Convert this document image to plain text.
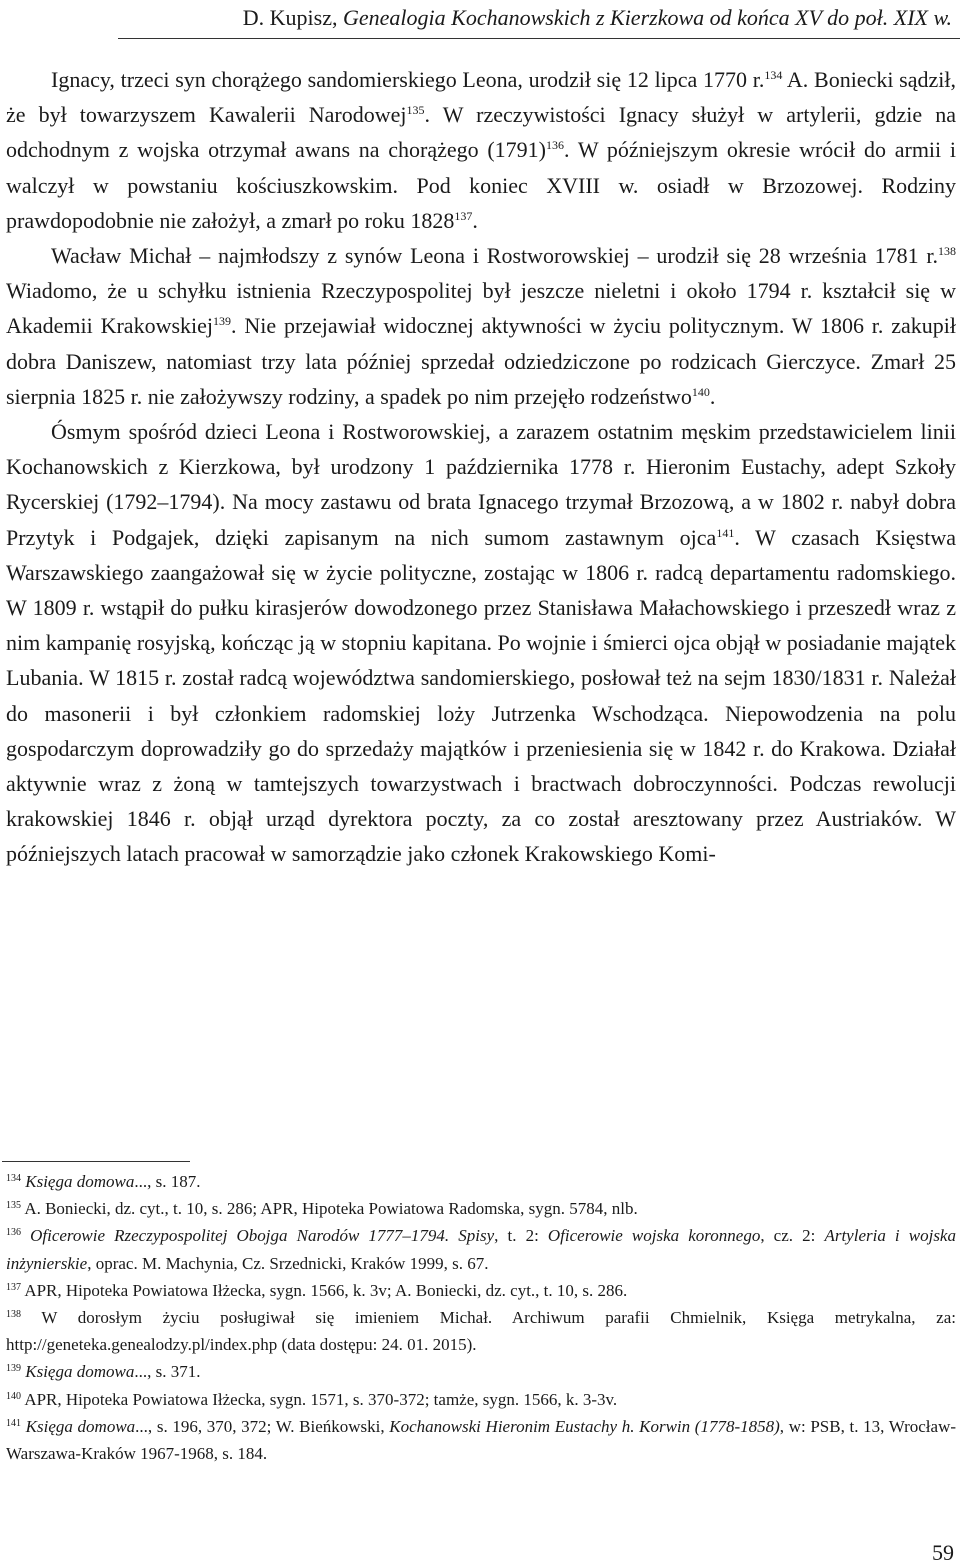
D. Kupisz, Genealogia Kochanowskich z Kierzkowa od końca XV do poł. XIX w.

Ignacy, trzeci syn chorążego sandomierskiego Leona, urodził się 12 lipca 1770 r.$^{134}$ A. Boniecki sądził, że był towarzyszem Kawalerii Narodowej$^{135}$. W rzeczywistości Ignacy służył w artylerii, gdzie na odchodnym z wojska otrzymał awans na chorążego $(1791)^{136}$. W późniejszym okresie wrócił do armii i walczył w powstaniu kościuszkowskim. Pod koniec XVIII w. osiadł w Brzozowej. Rodziny prawdopodobnie nie założył, a zmarł po roku 1828$^{137}$.

Wacław Michał – najmłodszy z synów Leona i Rostworowskiej – urodził się 28 września 1781 r.$^{138}$ Wiadomo, że u schyłku istnienia Rzeczypospolitej był jeszcze nieletni i około 1794 r. kształcił się w Akademii Krakowskiej$^{139}$. Nie przejawiał widocznej aktywności w życiu politycznym. W 1806 r. zakupił dobra Daniszew, natomiast trzy lata później sprzedał odziedziczone po rodzicach Gierczyce. Zmarł 25 sierpnia 1825 r. nie założywszy rodziny, a spadek po nim przejęło rodzeństwo$^{140}$.

Ósmym spośród dzieci Leona i Rostworowskiej, a zarazem ostatnim męskim przedstawicielem linii Kochanowskich z Kierzkowa, był urodzony 1 października 1778 r. Hieronim Eustachy, adept Szkoły Rycerskiej (1792–1794). Na mocy zastawu od brata Ignacego trzymał Brzozową, a w 1802 r. nabył dobra Przytyk i Podgajek, dzięki zapisanym na nich sumom zastawnym ojca$^{141}$. W czasach Księstwa Warszawskiego zaangażował się w życie polityczne, zostając w 1806 r. radcą departamentu radomskiego. W 1809 r. wstąpił do pułku kirasjerów dowodzonego przez Stanisława Małachowskiego i przeszedł wraz z nim kampanię rosyjską, kończąc ją w stopniu kapitana. Po wojnie i śmierci ojca objął w posiadanie majątek Lubania. W 1815 r. został radcą województwa sandomierskiego, posłował też na sejm 1830/1831 r. Należał do masonerii i był członkiem radomskiej loży Jutrzenka Wschodząca. Niepowodzenia na polu gospodarczym doprowadziły go do sprzedaży majątków i przeniesienia się w 1842 r. do Krakowa. Działał aktywnie wraz z żoną w tamtejszych towarzystwach i bractwach dobroczynności. Podczas rewolucji krakowskiej 1846 r. objął urząd dyrektora poczty, za co został aresztowany przez Austriaków. W późniejszych latach pracował w samorządzie jako członek Krakowskiego Komi-

$^{134}$ Księga domowa..., s. 187.

$^{135}$ A. Boniecki, dz. cyt., t. 10, s. 286; APR, Hipoteka Powiatowa Radomska, sygn. 5784, nlb.

$^{136}$ Oficerowie Rzeczypospolitej Obojga Narodów 1777–1794. Spisy, t. 2: Oficerowie wojska koronnego, cz. 2: Artyleria i wojska inżynierskie, oprac. M. Machynia, Cz. Srzednicki, Kraków 1999, s. 67.

$^{137}$ APR, Hipoteka Powiatowa Iłżecka, sygn. 1566, k. 3v; A. Boniecki, dz. cyt., t. 10, s. 286.

$^{138}$ W dorosłym życiu posługiwał się imieniem Michał. Archiwum parafii Chmielnik, Księga metrykalna, za: http://geneteka.genealodzy.pl/index.php (data dostępu: 24. 01. 2015).

$^{139}$ Księga domowa..., s. 371.

$^{140}$ APR, Hipoteka Powiatowa Iłżecka, sygn. 1571, s. 370-372; tamże, sygn. 1566, k. 3-3v.

$^{141}$ Księga domowa..., s. 196, 370, 372; W. Bieńkowski, Kochanowski Hieronim Eustachy h. Korwin (1778-1858), w: PSB, t. 13, Wrocław-Warszawa-Kraków 1967-1968, s. 184.

59
